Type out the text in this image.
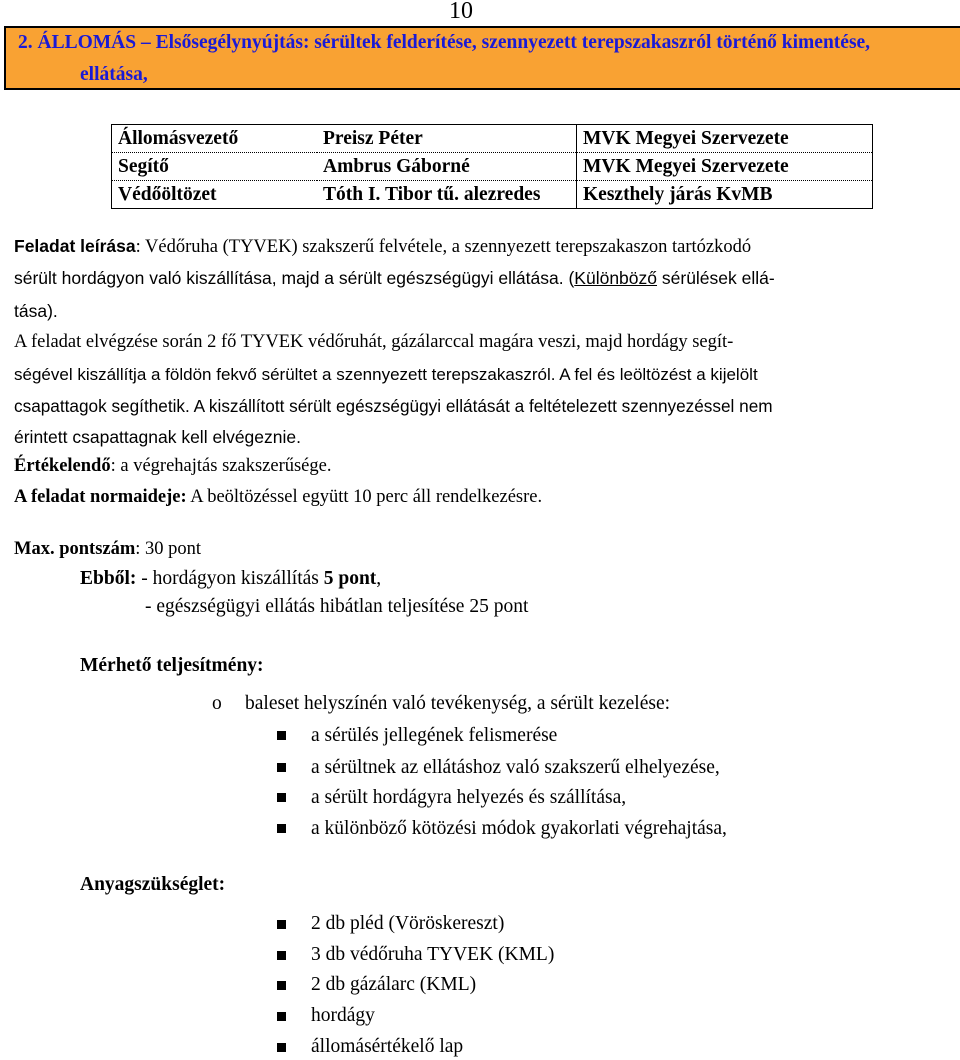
10
2. ÁLLOMÁS – Elsősegélynyújtás: sérültek felderítése, szennyezett terepszakaszról történő kimentése,
ellátása,
Állomásvezető	Preisz Péter	MVK Megyei Szervezete
Segítő	Ambrus Gáborné	MVK Megyei Szervezete
Védőöltözet	Tóth I. Tibor tű. alezredes	Keszthely járás KvMB
Feladat leírása: Védőruha (TYVEK) szakszerű felvétele, a szennyezett terepszakaszon tartózkodó
sérült hordágyon való kiszállítása, majd a sérült egészségügyi ellátása. (Különböző sérülések ellá-
tása).
A feladat elvégzése során 2 fő TYVEK védőruhát, gázálarccal magára veszi, majd hordágy segít-
ségével kiszállítja a földön fekvő sérültet a szennyezett terepszakaszról. A fel és leöltözést a kijelölt
csapattagok segíthetik. A kiszállított sérült egészségügyi ellátását a feltételezett szennyezéssel nem
érintett csapattagnak kell elvégeznie.
Értékelendő: a végrehajtás szakszerűsége.
A feladat normaideje: A beöltözéssel együtt 10 perc áll rendelkezésre.
Max. pontszám: 30 pont
Ebből: - hordágyon kiszállítás 5 pont,
- egészségügyi ellátás hibátlan teljesítése 25 pont
Mérhető teljesítmény:
o baleset helyszínén való tevékenység, a sérült kezelése:
a sérülés jellegének felismerése
a sérültnek az ellátáshoz való szakszerű elhelyezése,
a sérült hordágyra helyezés és szállítása,
a különböző kötözési módok gyakorlati végrehajtása,
Anyagszükséglet:
2 db pléd (Vöröskereszt)
3 db védőruha TYVEK (KML)
2 db gázálarc (KML)
hordágy
állomásértékelő lap
